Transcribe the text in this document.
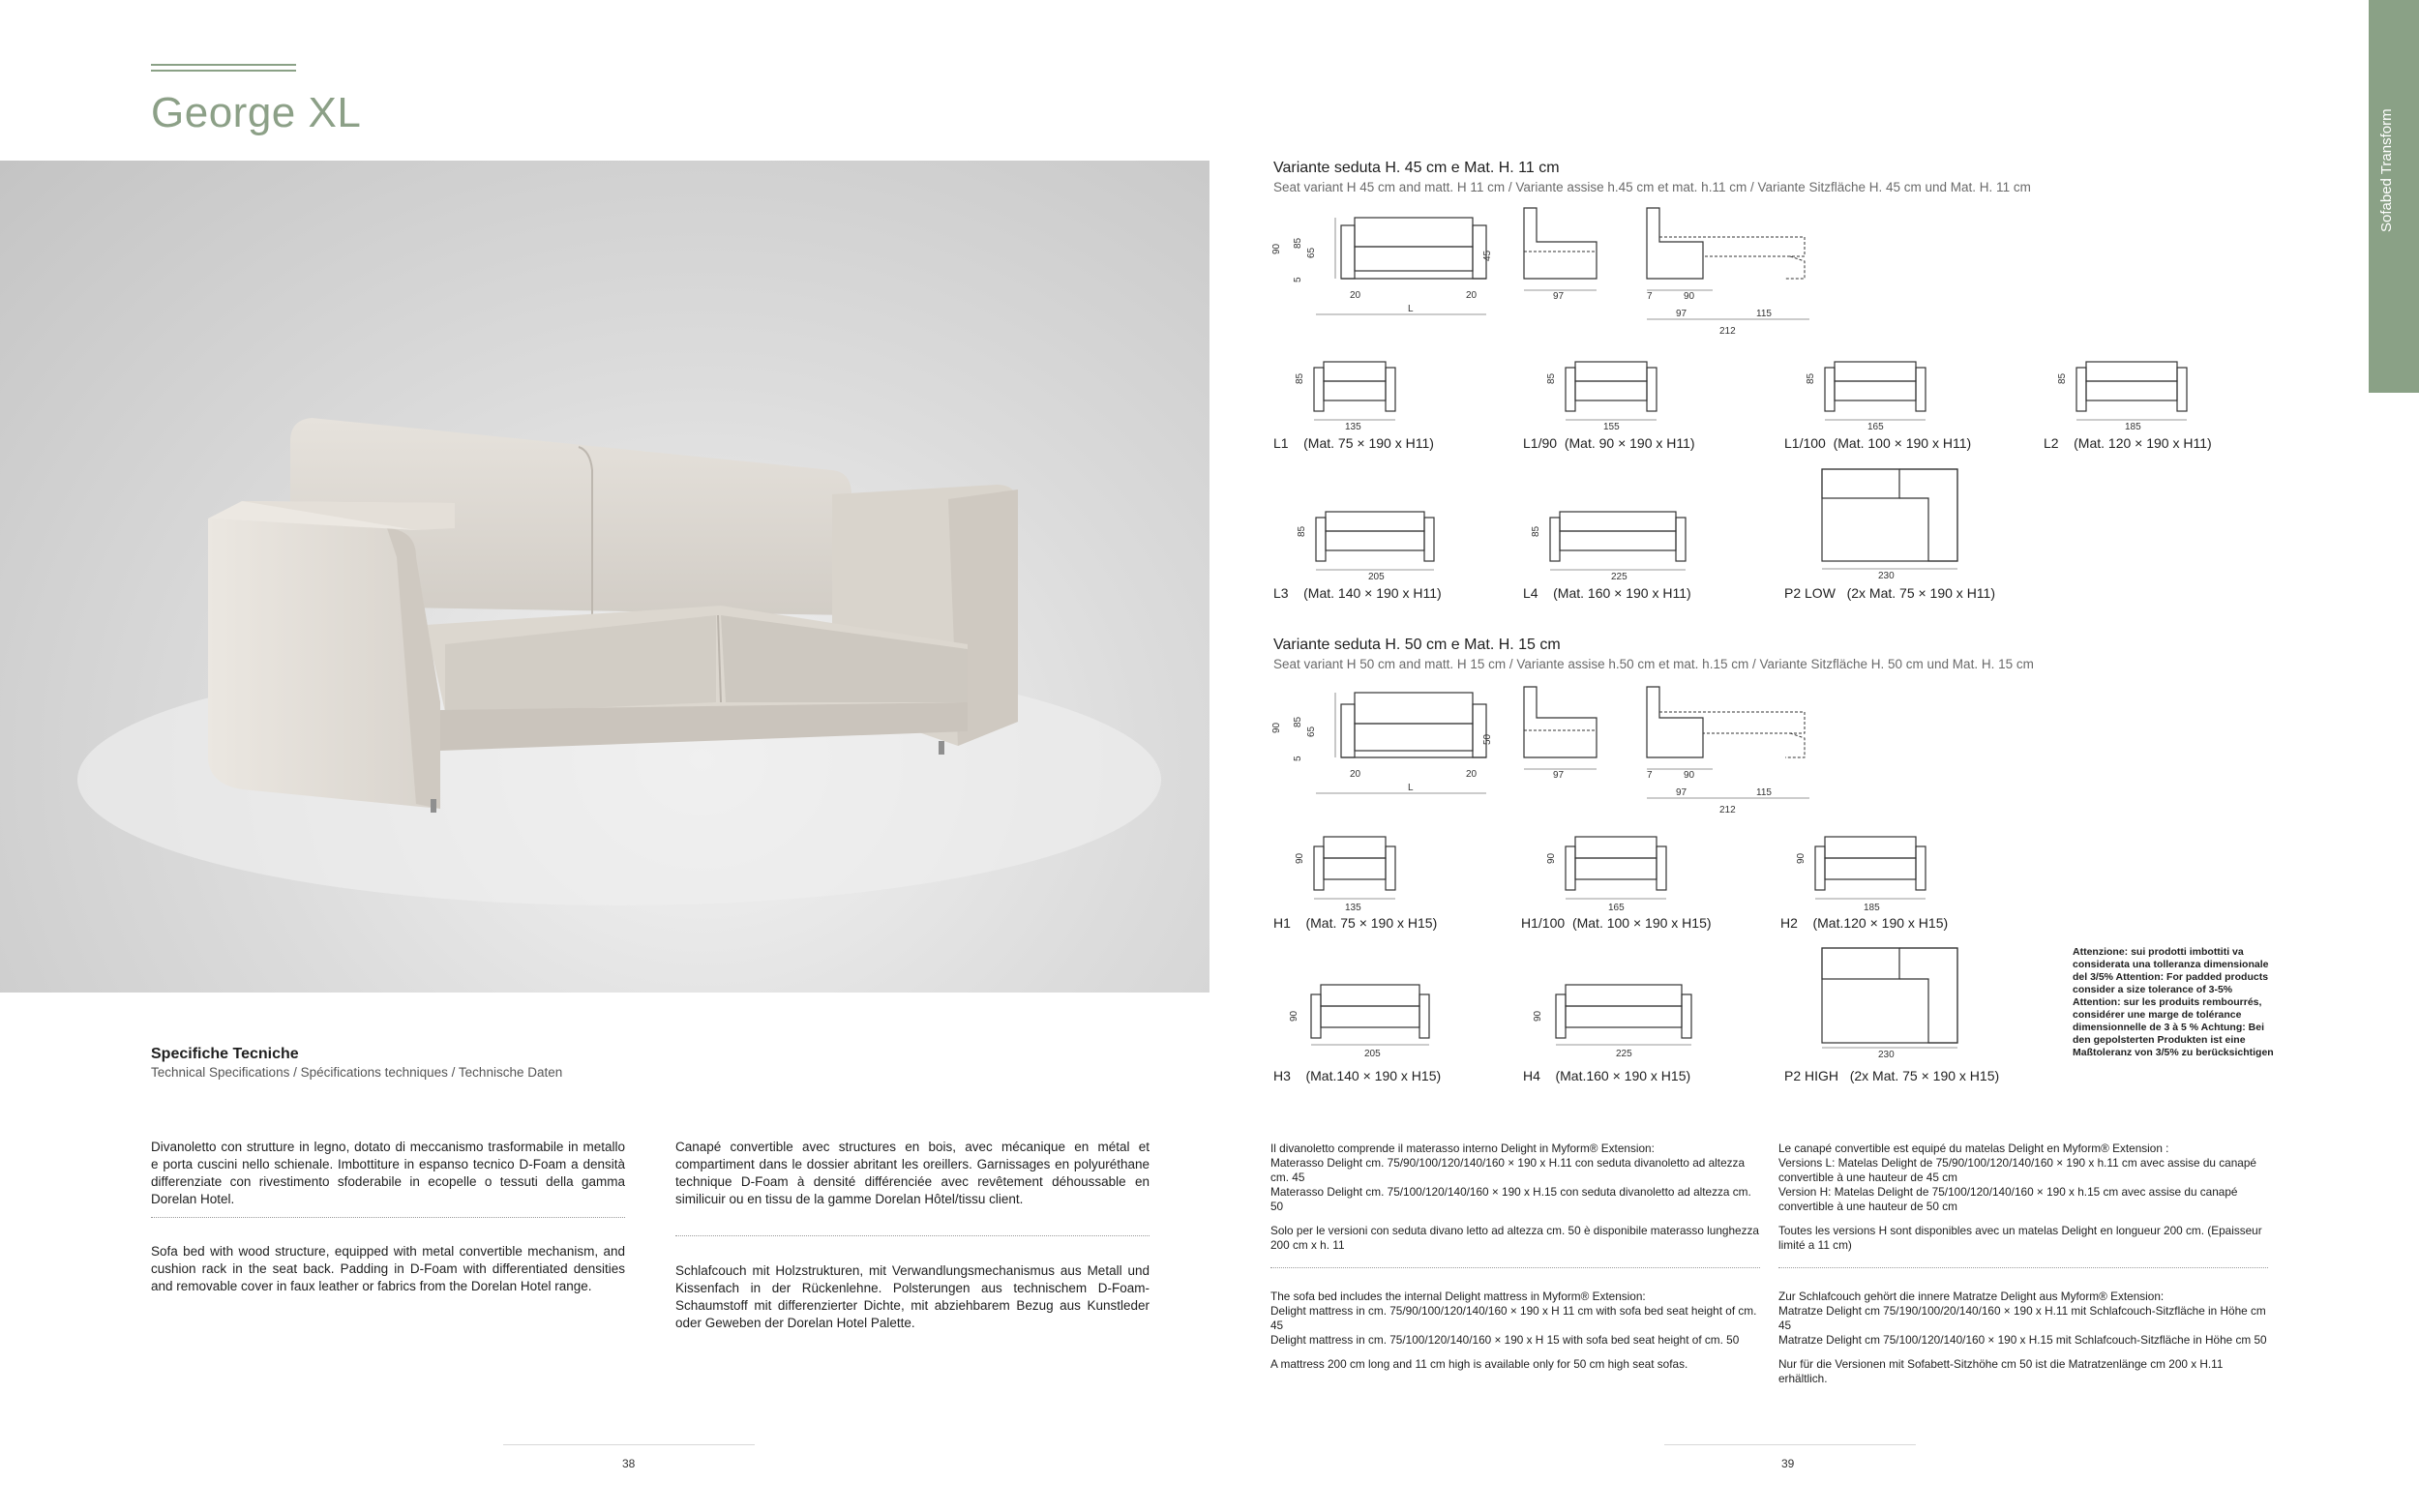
George XL
Specifiche Tecniche
Technical Specifications / Spécifications techniques / Technische Daten
Divanoletto con strutture in legno, dotato di meccanismo trasformabile in metallo e porta cuscini nello schienale. Imbottiture in espanso tecnico D-Foam a densità differenziate con rivestimento sfoderabile in ecopelle o tessuti della gamma Dorelan Hotel.
Sofa bed with wood structure, equipped with metal convertible mechanism, and cushion rack in the seat back. Padding in D-Foam with differentiated densities and removable cover in faux leather or fabrics from the Dorelan Hotel range.
Canapé convertible avec structures en bois, avec mécanique en métal et compartiment dans le dossier abritant les oreillers. Garnissages en polyuréthane technique D-Foam à densité différenciée avec revêtement déhoussable en similicuir ou en tissu de la gamme Dorelan Hôtel/tissu client.
Schlafcouch mit Holzstrukturen, mit Verwandlungsmechanismus aus Metall und Kissenfach in der Rückenlehne. Polsterungen aus technischem D-Foam-Schaumstoff mit differenzierter Dichte, mit abziehbarem Bezug aus Kunstleder oder Geweben der Dorelan Hotel Palette.
38
Sofabed Transform
Variante seduta H. 45 cm e Mat. H. 11 cm
Seat variant H 45 cm and matt. H 11 cm / Variante assise h.45 cm et mat. h.11 cm / Variante Sitzfläche H. 45 cm und Mat. H. 11 cm
90
85
65
5
20	20
L
45
97	7	90
97	115
212
85
135
85
155
85
165
85
185
L1 (Mat. 75 × 190 x H11)	L1/90 (Mat. 90 × 190 x H11)	L1/100 (Mat. 100 × 190 x H11)	L2 (Mat. 120 × 190 x H11)
85
205
85
225	230
L3 (Mat. 140 × 190 x H11)	L4 (Mat. 160 × 190 x H11)	P2 LOW (2x Mat. 75 × 190 x H11)
Variante seduta H. 50 cm e Mat. H. 15 cm
Seat variant H 50 cm and matt. H 15 cm / Variante assise h.50 cm et mat. h.15 cm / Variante Sitzfläche H. 50 cm und Mat. H. 15 cm
90
85
65
5
20	20
L
50
97	7	90
97	115
212
90
135
90
165
90
185
H1 (Mat. 75 × 190 x H15)	H1/100 (Mat. 100 × 190 x H15)	H2 (Mat.120 × 190 x H15)
90
205
90
225	230
H3 (Mat.140 × 190 x H15)	H4 (Mat.160 × 190 x H15)	P2 HIGH (2x Mat. 75 × 190 x H15)
Attenzione: sui prodotti imbottiti va considerata una tolleranza dimensionale del 3/5% Attention: For padded products consider a size tolerance of 3-5% Attention: sur les produits rembourrés, considérer une marge de tolérance dimensionnelle de 3 à 5 % Achtung: Bei den gepolsterten Produkten ist eine Maßtoleranz von 3/5% zu berücksichtigen
Il divanoletto comprende il materasso interno Delight in Myform® Extension:
Materasso Delight cm. 75/90/100/120/140/160 × 190 x H.11 con seduta divanoletto ad altezza cm. 45
Materasso Delight cm. 75/100/120/140/160 × 190 x H.15 con seduta divanoletto ad altezza cm. 50
Solo per le versioni con seduta divano letto ad altezza cm. 50 è disponibile materasso lunghezza 200 cm x h. 11
The sofa bed includes the internal Delight mattress in Myform® Extension:
Delight mattress in cm. 75/90/100/120/140/160 × 190 x H 11 cm with sofa bed seat height of cm. 45
Delight mattress in cm. 75/100/120/140/160 × 190 x H 15 with sofa bed seat height of cm. 50
A mattress 200 cm long and 11 cm high is available only for 50 cm high seat sofas.
Le canapé convertible est equipé du matelas Delight en Myform® Extension :
Versions L: Matelas Delight de 75/90/100/120/140/160 × 190 x h.11 cm avec assise du canapé convertible à une hauteur de 45 cm
Version H: Matelas Delight de 75/100/120/140/160 × 190 x h.15 cm avec assise du canapé convertible à une hauteur de 50 cm
Toutes les versions H sont disponibles avec un matelas Delight en longueur 200 cm. (Epaisseur limité a 11 cm)
Zur Schlafcouch gehört die innere Matratze Delight aus Myform® Extension:
Matratze Delight cm 75/190/100/20/140/160 × 190 x H.11 mit Schlafcouch-Sitzfläche in Höhe cm 45
Matratze Delight cm 75/100/120/140/160 × 190 x H.15 mit Schlafcouch-Sitzfläche in Höhe cm 50
Nur für die Versionen mit Sofabett-Sitzhöhe cm 50 ist die Matratzenlänge cm 200 x H.11 erhältlich.
39
